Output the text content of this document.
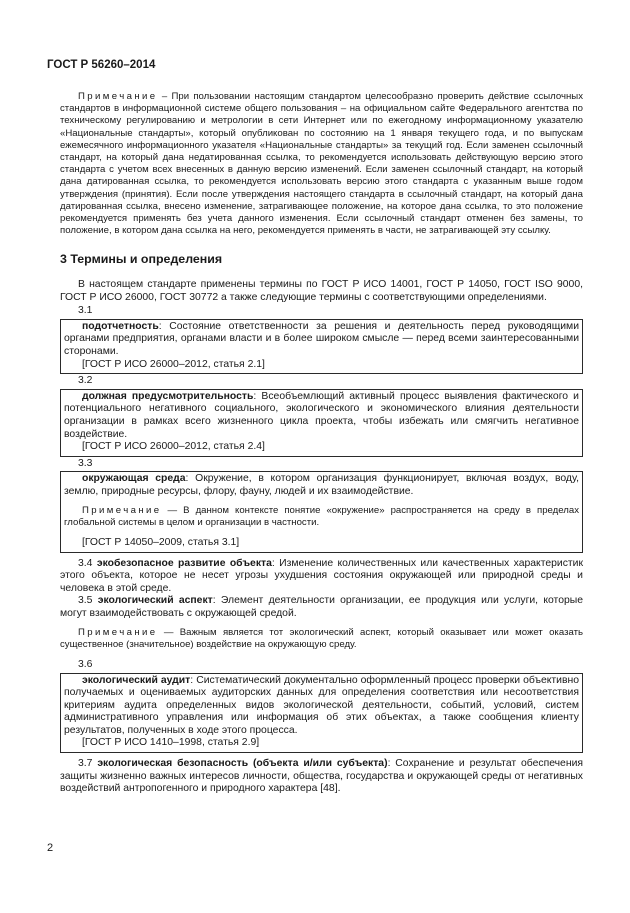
ГОСТ Р 56260–2014

Примечание – При пользовании настоящим стандартом целесообразно проверить действие ссылочных стандартов в информационной системе общего пользования – на официальном сайте Федерального агентства по техническому регулированию и метрологии в сети Интернет или по ежегодному информационному указателю «Национальные стандарты», который опубликован по состоянию на 1 января текущего года, и по выпускам ежемесячного информационного указателя «Национальные стандарты» за текущий год. Если заменен ссылочный стандарт, на который дана недатированная ссылка, то рекомендуется использовать действующую версию этого стандарта с учетом всех внесенных в данную версию изменений. Если заменен ссылочный стандарт, на который дана датированная ссылка, то рекомендуется использовать версию этого стандарта с указанным выше годом утверждения (принятия). Если после утверждения настоящего стандарта в ссылочный стандарт, на который дана датированная ссылка, внесено изменение, затрагивающее положение, на которое дана ссылка, то это положение рекомендуется применять без учета данного изменения. Если ссылочный стандарт отменен без замены, то положение, в котором дана ссылка на него, рекомендуется применять в части, не затрагивающей эту ссылку.

3 Термины и определения

В настоящем стандарте применены термины по ГОСТ Р ИСО 14001, ГОСТ Р 14050, ГОСТ ISO 9000, ГОСТ Р ИСО 26000, ГОСТ 30772 а также следующие термины с соответствующими определениями.

3.1

подотчетность: Состояние ответственности за решения и деятельность перед руководящими органами предприятия, органами власти и в более широком смысле — перед всеми заинтересованными сторонами.

[ГОСТ Р ИСО 26000–2012, статья 2.1]
3.2

должная предусмотрительность: Всеобъемлющий активный процесс выявления фактического и потенциального негативного социального, экологического и экономического влияния деятельности организации в рамках всего жизненного цикла проекта, чтобы избежать или смягчить негативное воздействие.

[ГОСТ Р ИСО 26000–2012, статья 2.4]
3.3

окружающая среда: Окружение, в котором организация функционирует, включая воздух, воду, землю, природные ресурсы, флору, фауну, людей и их взаимодействие.

Примечание — В данном контексте понятие «окружение» распространяется на среду в пределах глобальной системы в целом и организации в частности.

[ГОСТ Р 14050–2009, статья 3.1]

3.4 экобезопасное развитие объекта: Изменение количественных или качественных характеристик этого объекта, которое не несет угрозы ухудшения состояния окружающей или природной среды и человека в этой среде.

3.5 экологический аспект: Элемент деятельности организации, ее продукция или услуги, которые могут взаимодействовать с окружающей средой.

Примечание — Важным является тот экологический аспект, который оказывает или может оказать существенное (значительное) воздействие на окружающую среду.

3.6

экологический аудит: Систематический документально оформленный процесс проверки объективно получаемых и оцениваемых аудиторских данных для определения соответствия или несоответствия критериям аудита определенных видов экологической деятельности, событий, условий, систем административного управления или информация об этих объектах, а также сообщения клиенту результатов, полученных в ходе этого процесса.

[ГОСТ Р ИСО 1410–1998, статья 2.9]

3.7 экологическая безопасность (объекта и/или субъекта): Сохранение и результат обеспечения защиты жизненно важных интересов личности, общества, государства и окружающей среды от негативных воздействий антропогенного и природного характера [48].

2
